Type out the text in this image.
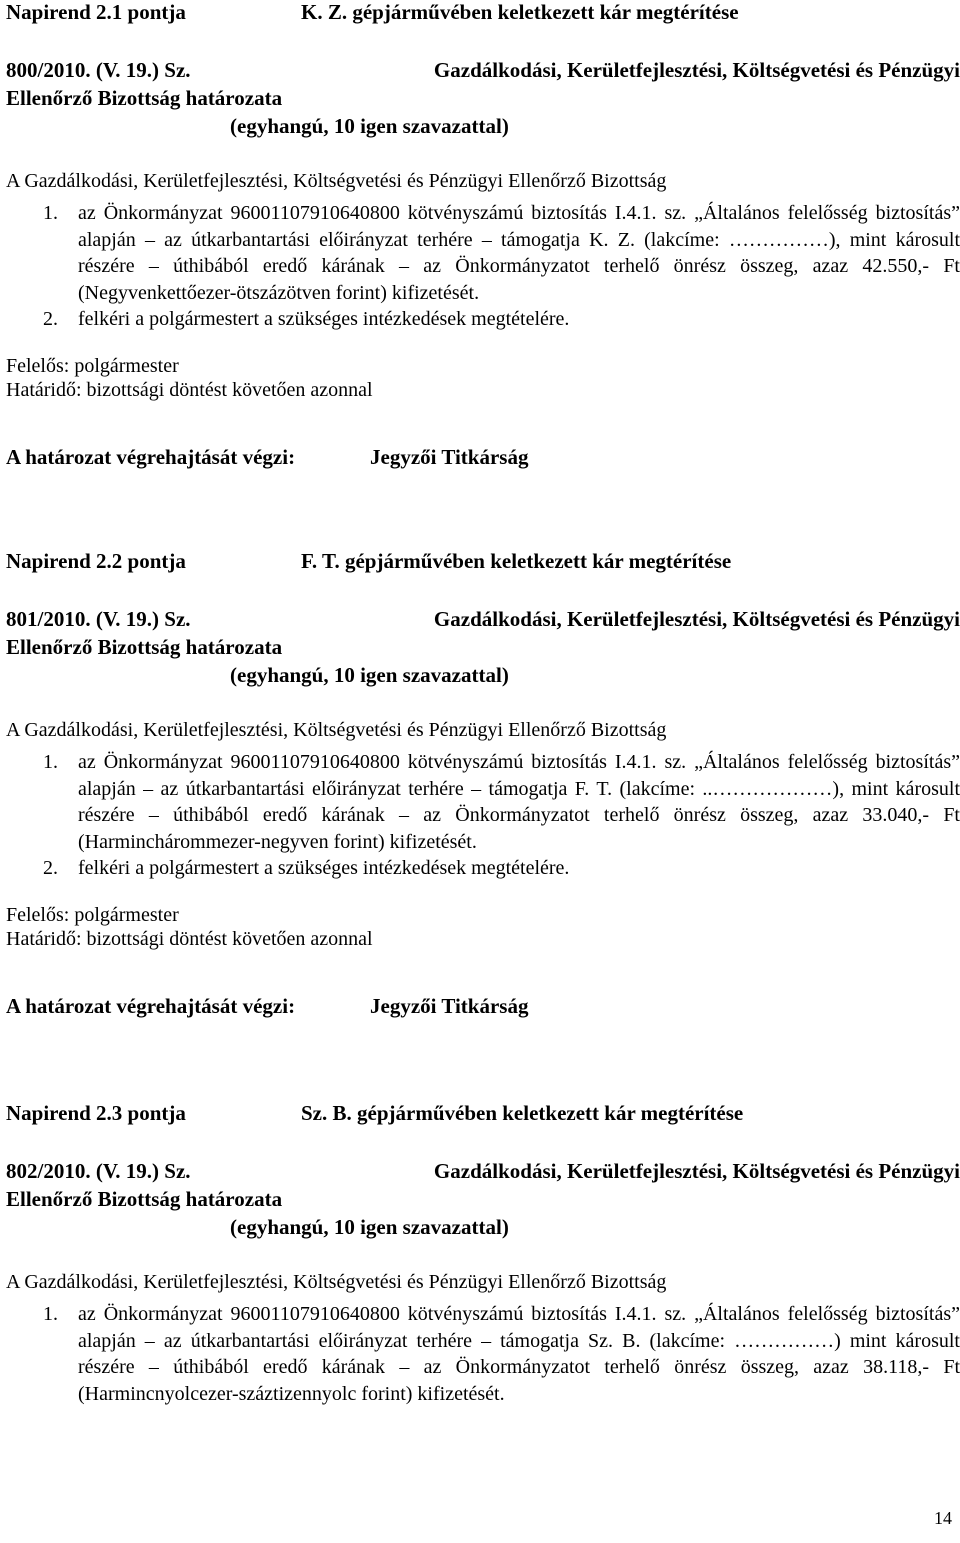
Napirend 2.1 pontja	K. Z. gépjárművében keletkezett kár megtérítése
800/2010. (V. 19.) Sz.	Gazdálkodási, Kerületfejlesztési, Költségvetési és Pénzügyi
Ellenőrző Bizottság határozata
(egyhangú, 10 igen szavazattal)
A Gazdálkodási, Kerületfejlesztési, Költségvetési és Pénzügyi Ellenőrző Bizottság
1. az Önkormányzat 96001107910640800 kötvényszámú biztosítás I.4.1. sz. „Általános felelősség biztosítás” alapján – az útkarbantartási előirányzat terhére – támogatja K. Z. (lakcíme: ……………), mint károsult részére – úthibából eredő kárának – az Önkormányzatot terhelő önrész összeg, azaz 42.550,- Ft (Negyvenkettőezer-ötszázötven forint) kifizetését.
2. felkéri a polgármestert a szükséges intézkedések megtételére.
Felelős: polgármester
Határidő: bizottsági döntést követően azonnal
A határozat végrehajtását végzi:	Jegyzői Titkárság
Napirend 2.2 pontja	F. T. gépjárművében keletkezett kár megtérítése
801/2010. (V. 19.) Sz.	Gazdálkodási, Kerületfejlesztési, Költségvetési és Pénzügyi
Ellenőrző Bizottság határozata
(egyhangú, 10 igen szavazattal)
A Gazdálkodási, Kerületfejlesztési, Költségvetési és Pénzügyi Ellenőrző Bizottság
1. az Önkormányzat 96001107910640800 kötvényszámú biztosítás I.4.1. sz. „Általános felelősség biztosítás” alapján – az útkarbantartási előirányzat terhére – támogatja F. T. (lakcíme: ..………………), mint károsult részére – úthibából eredő kárának – az Önkormányzatot terhelő önrész összeg, azaz 33.040,- Ft (Harminchárommezer-negyven forint) kifizetését.
2. felkéri a polgármestert a szükséges intézkedések megtételére.
Felelős: polgármester
Határidő: bizottsági döntést követően azonnal
A határozat végrehajtását végzi:	Jegyzői Titkárság
Napirend 2.3 pontja	Sz. B. gépjárművében keletkezett kár megtérítése
802/2010. (V. 19.) Sz.	Gazdálkodási, Kerületfejlesztési, Költségvetési és Pénzügyi
Ellenőrző Bizottság határozata
(egyhangú, 10 igen szavazattal)
A Gazdálkodási, Kerületfejlesztési, Költségvetési és Pénzügyi Ellenőrző Bizottság
1. az Önkormányzat 96001107910640800 kötvényszámú biztosítás I.4.1. sz. „Általános felelősség biztosítás” alapján – az útkarbantartási előirányzat terhére – támogatja Sz. B. (lakcíme: ……………) mint károsult részére – úthibából eredő kárának – az Önkormányzatot terhelő önrész összeg, azaz 38.118,- Ft (Harmincnyolcezer-száztizennyolc forint) kifizetését.
14
